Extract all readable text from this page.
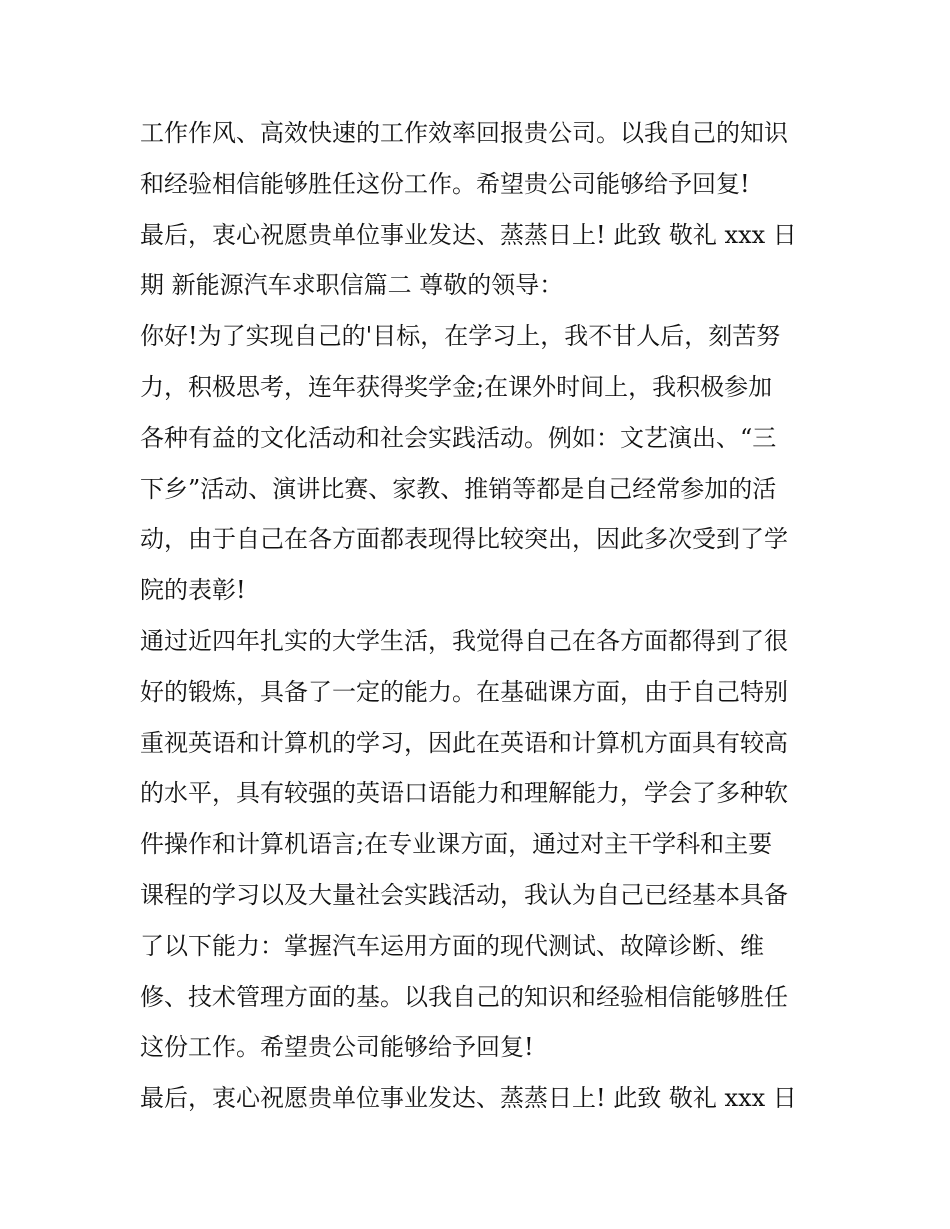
工作作风、高效快速的工作效率回报贵公司。以我自己的知识
和经验相信能够胜任这份工作。希望贵公司能够给予回复!
最后，衷心祝愿贵单位事业发达、蒸蒸日上! 此致 敬礼 xxx 日
期 新能源汽车求职信篇二 尊敬的领导：
你好!为了实现自己的'目标，在学习上，我不甘人后，刻苦努
力，积极思考，连年获得奖学金;在课外时间上，我积极参加
各种有益的文化活动和社会实践活动。例如：文艺演出、“三
下乡”活动、演讲比赛、家教、推销等都是自己经常参加的活
动，由于自己在各方面都表现得比较突出，因此多次受到了学
院的表彰!
通过近四年扎实的大学生活，我觉得自己在各方面都得到了很
好的锻炼，具备了一定的能力。在基础课方面，由于自己特别
重视英语和计算机的学习，因此在英语和计算机方面具有较高
的水平，具有较强的英语口语能力和理解能力，学会了多种软
件操作和计算机语言;在专业课方面，通过对主干学科和主要
课程的学习以及大量社会实践活动，我认为自己已经基本具备
了以下能力：掌握汽车运用方面的现代测试、故障诊断、维
修、技术管理方面的基。以我自己的知识和经验相信能够胜任
这份工作。希望贵公司能够给予回复!
最后，衷心祝愿贵单位事业发达、蒸蒸日上! 此致 敬礼 xxx 日
